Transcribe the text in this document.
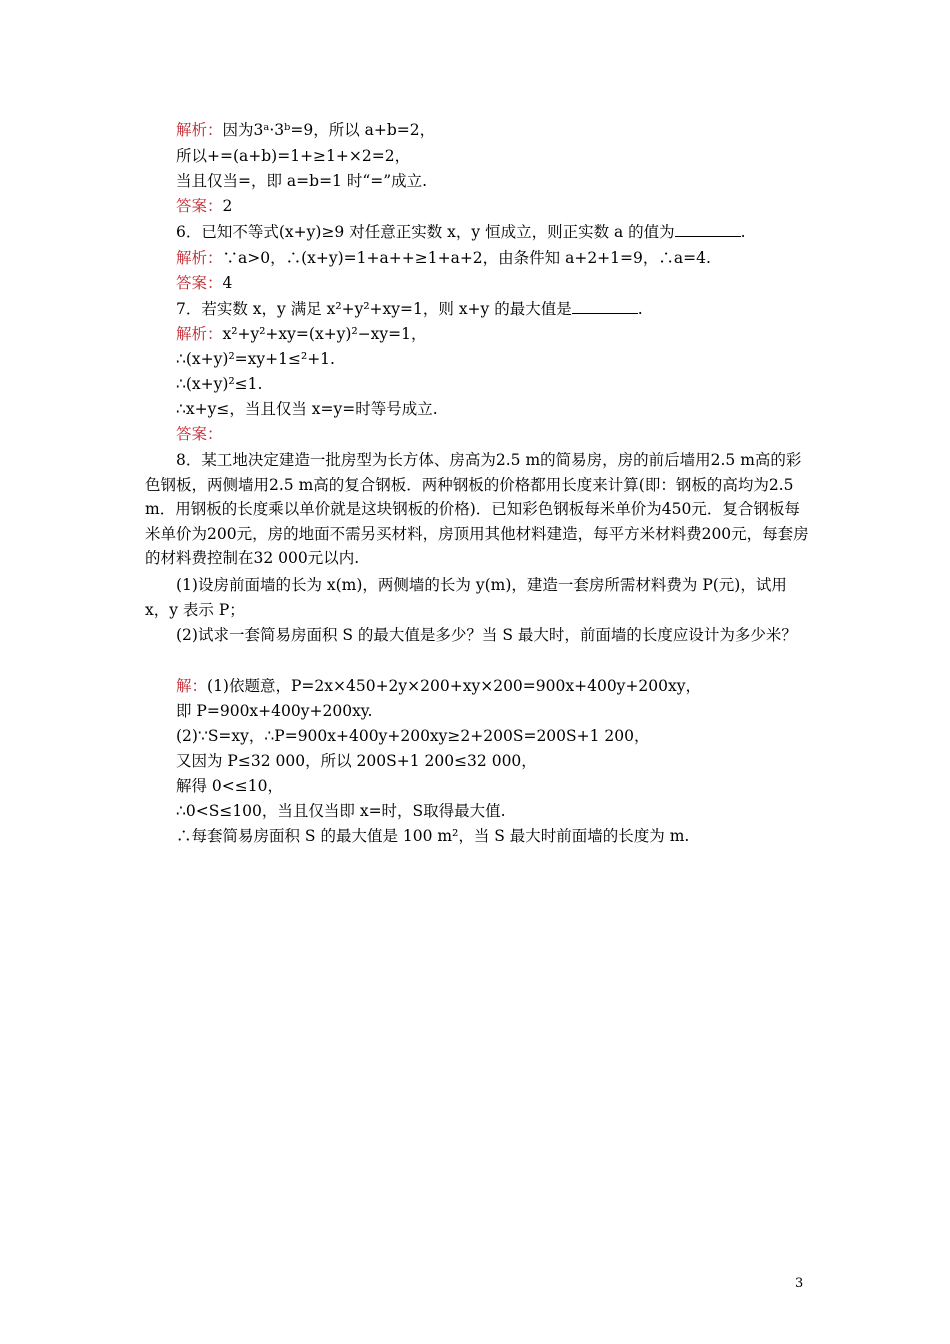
解析：因为3ᵃ·3ᵇ=9，所以 a+b=2，
所以+=(a+b)=1+≥1+×2=2，
当且仅当=，即 a=b=1 时“=”成立.
答案：2
6．已知不等式(x+y)≥9 对任意正实数 x，y 恒成立，则正实数 a 的值为	.
解析：∵a>0，∴(x+y)=1+a++≥1+a+2，由条件知 a+2+1=9，∴a=4.
答案：4
7．若实数 x，y 满足 x²+y²+xy=1，则 x+y 的最大值是	.
解析：x²+y²+xy=(x+y)²−xy=1，
∴(x+y)²=xy+1≤²+1.
∴(x+y)²≤1.
∴x+y≤，当且仅当 x=y=时等号成立.
答案：
8．某工地决定建造一批房型为长方体、房高为2.5 m的简易房，房的前后墙用2.5 m高的彩色钢板，两侧墙用2.5 m高的复合钢板．两种钢板的价格都用长度来计算(即：钢板的高均为2.5 m．用钢板的长度乘以单价就是这块钢板的价格)．已知彩色钢板每米单价为450元．复合钢板每米单价为200元，房的地面不需另买材料，房顶用其他材料建造，每平方米材料费200元，每套房的材料费控制在32 000元以内.
(1)设房前面墙的长为 x(m)，两侧墙的长为 y(m)，建造一套房所需材料费为 P(元)，试用 x，y 表示 P；
(2)试求一套简易房面积 S 的最大值是多少？当 S 最大时，前面墙的长度应设计为多少米？
解：(1)依题意，P=2x×450+2y×200+xy×200=900x+400y+200xy，
即 P=900x+400y+200xy.
(2)∵S=xy，∴P=900x+400y+200xy≥2+200S=200S+1 200，
又因为 P≤32 000，所以 200S+1 200≤32 000，
解得 0<≤10，
∴0<S≤100，当且仅当即 x=时，S取得最大值.
∴每套简易房面积 S 的最大值是 100 m²，当 S 最大时前面墙的长度为 m.
3
